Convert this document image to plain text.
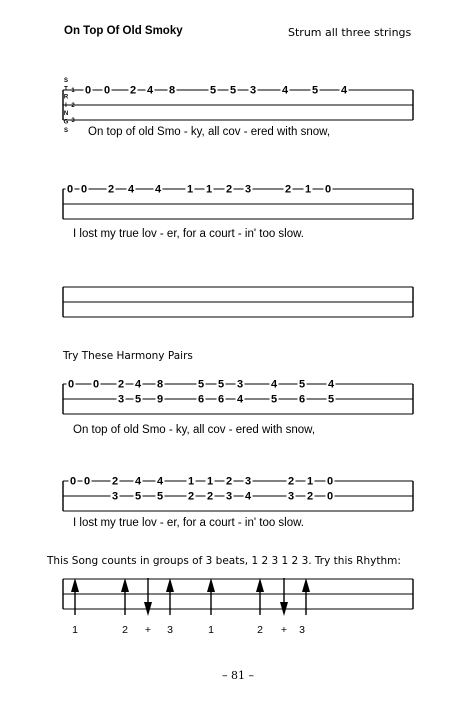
On Top Of Old Smoky	Strum all three strings
On top of old Smo - ky, all cov - ered with snow,
I lost my true lov - er, for a court - in' too slow.
Try These Harmony Pairs
On top of old Smo - ky, all cov - ered with snow,
I lost my true lov - er, for a court - in' too slow.
This Song counts in groups of 3 beats, 1 2 3 1 2 3. Try this Rhythm:
– 81 –
0 0 2 4 8	5 5 3 4 5 4
S
T
R
I
N
G
S
1
2
3
0 0 2 4 4 1 1 2 3	2 1 0
0 0 2 4 8	5 5 3	4 5 4
3 5 9	6 6 4	5 6 5
0 0 2 4 4 1 1 2 3	2 1 0
3 5 5 2 2 3 4	3 2 0
1	2 + 3	1	2 + 3
